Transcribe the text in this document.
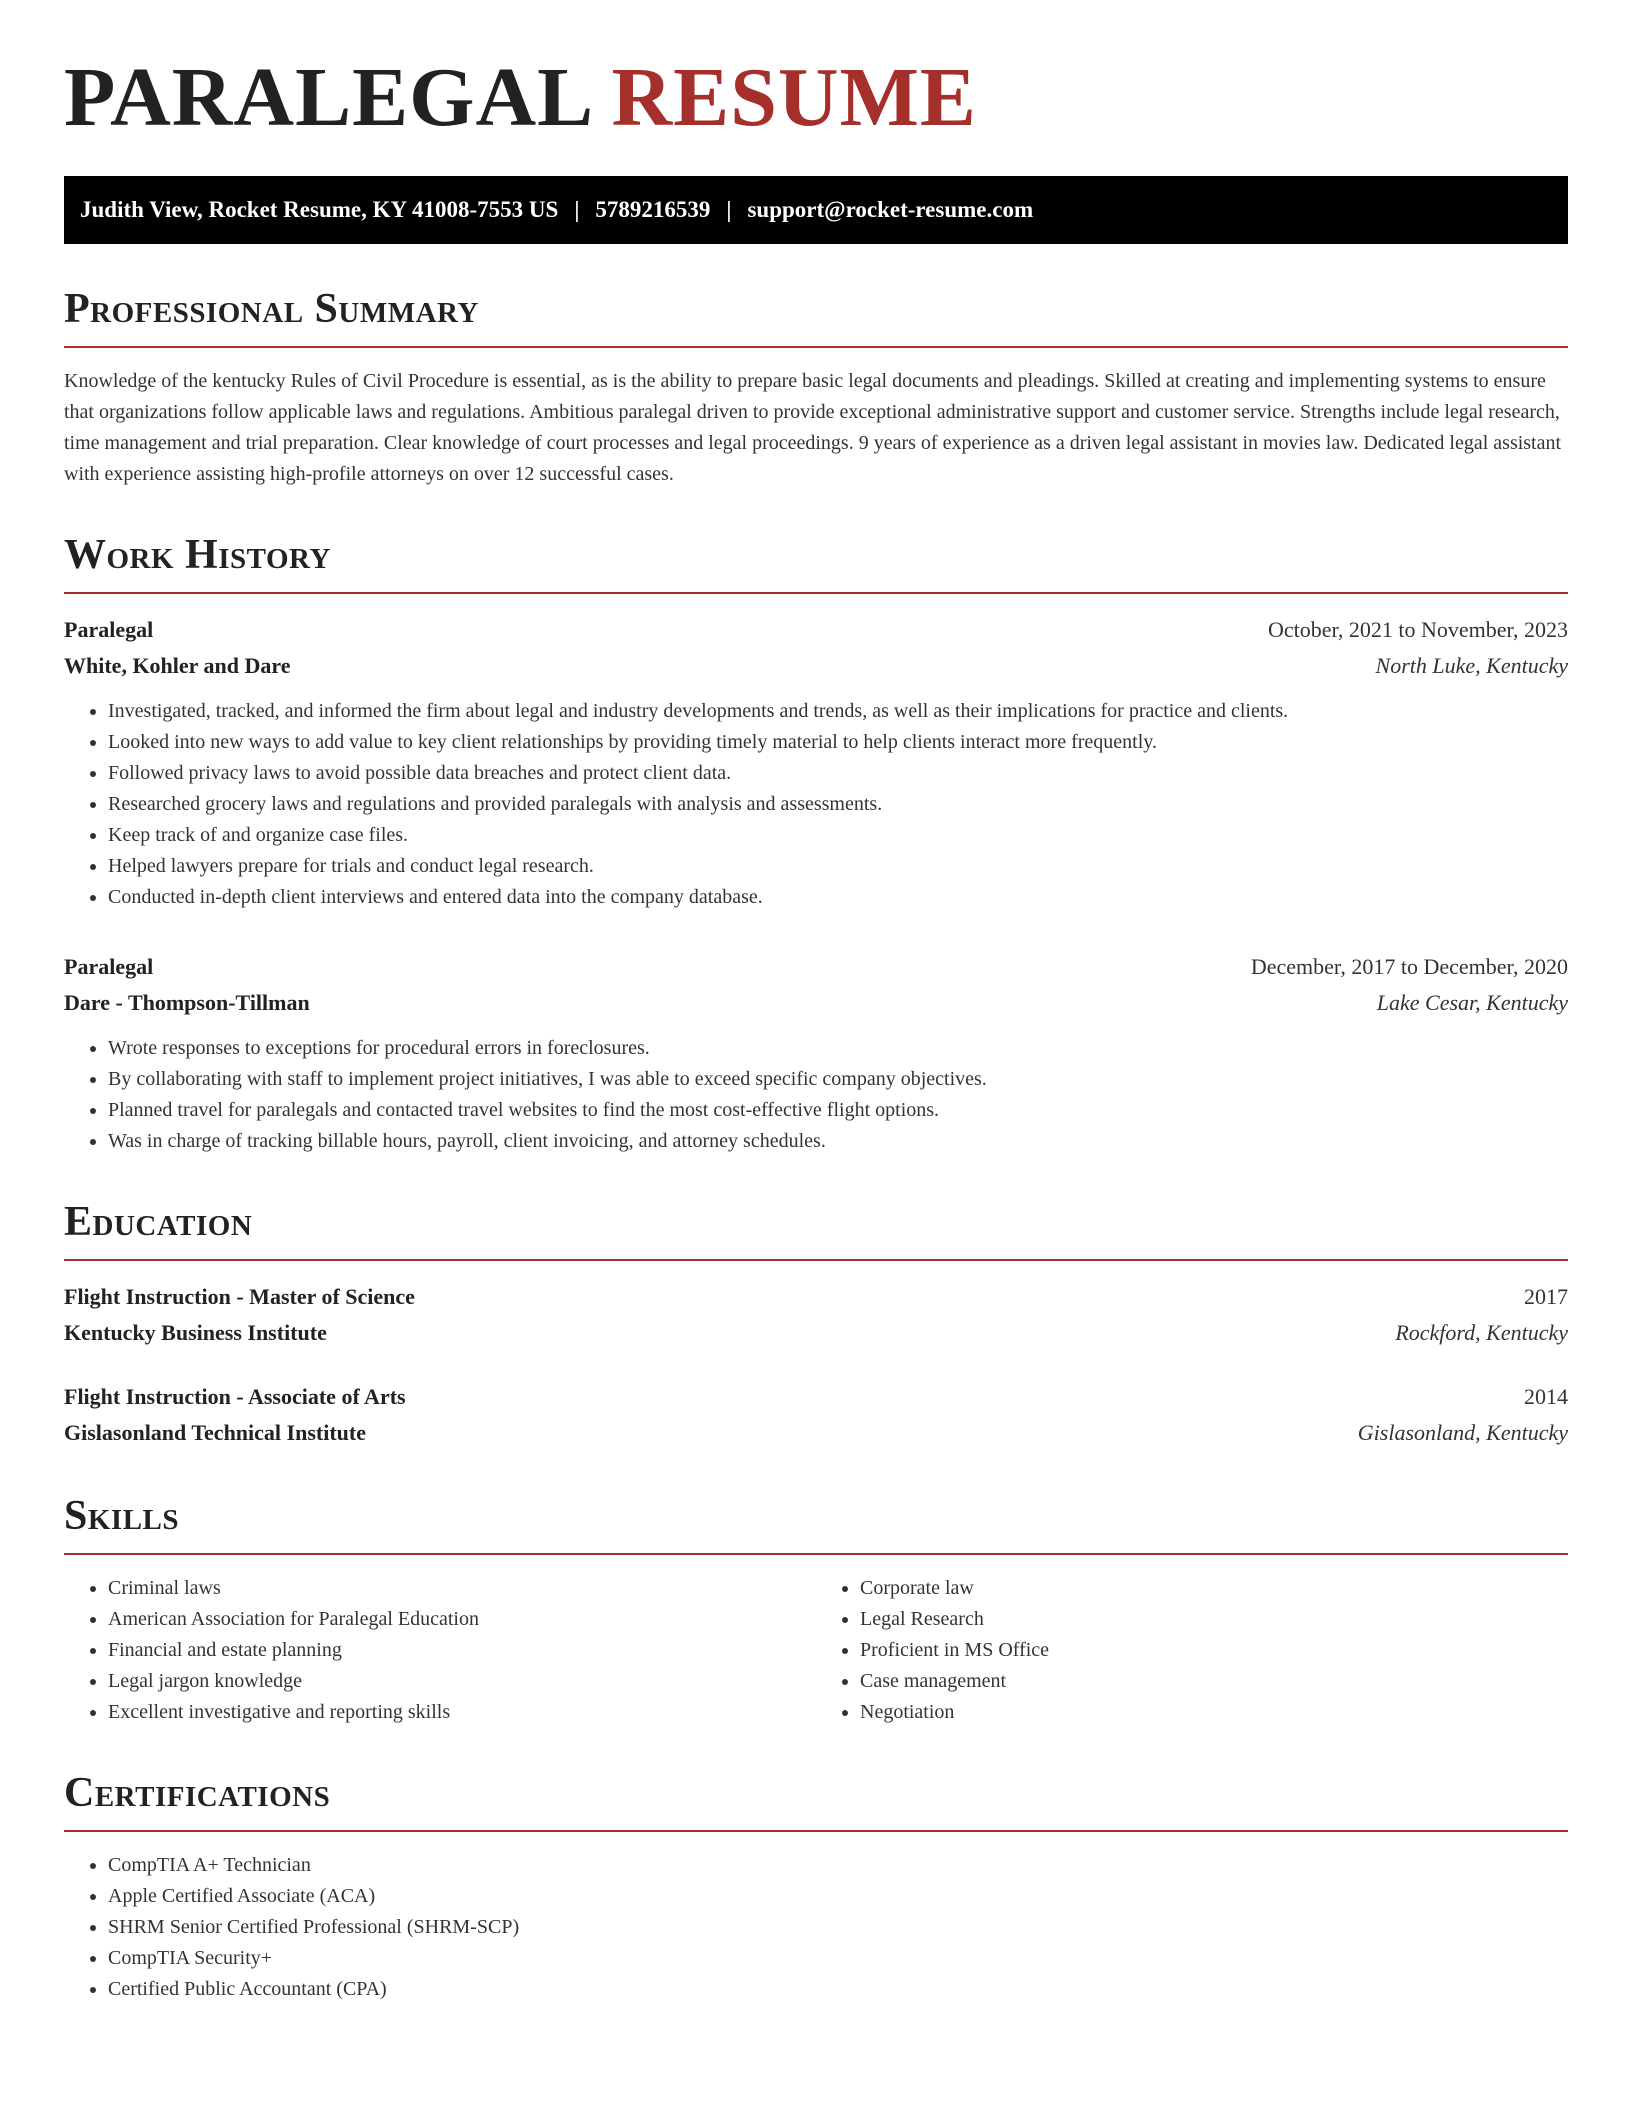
PARALEGAL RESUME
Judith View, Rocket Resume, KY 41008-7553 US | 5789216539 | support@rocket-resume.com
Professional Summary

Knowledge of the kentucky Rules of Civil Procedure is essential, as is the ability to prepare basic legal documents and pleadings. Skilled at creating and implementing systems to ensure that organizations follow applicable laws and regulations. Ambitious paralegal driven to provide exceptional administrative support and customer service. Strengths include legal research, time management and trial preparation. Clear knowledge of court processes and legal proceedings. 9 years of experience as a driven legal assistant in movies law. Dedicated legal assistant with experience assisting high-profile attorneys on over 12 successful cases.

Work History
Paralegal	October, 2021 to November, 2023
White, Kohler and Dare	North Luke, Kentucky
• Investigated, tracked, and informed the firm about legal and industry developments and trends, as well as their implications for practice and clients.
• Looked into new ways to add value to key client relationships by providing timely material to help clients interact more frequently.
• Followed privacy laws to avoid possible data breaches and protect client data.
• Researched grocery laws and regulations and provided paralegals with analysis and assessments.
• Keep track of and organize case files.
• Helped lawyers prepare for trials and conduct legal research.
• Conducted in-depth client interviews and entered data into the company database.
Paralegal	December, 2017 to December, 2020
Dare - Thompson-Tillman	Lake Cesar, Kentucky
• Wrote responses to exceptions for procedural errors in foreclosures.
• By collaborating with staff to implement project initiatives, I was able to exceed specific company objectives.
• Planned travel for paralegals and contacted travel websites to find the most cost-effective flight options.
• Was in charge of tracking billable hours, payroll, client invoicing, and attorney schedules.
Education
Flight Instruction - Master of Science	2017
Kentucky Business Institute	Rockford, Kentucky
Flight Instruction - Associate of Arts	2014
Gislasonland Technical Institute	Gislasonland, Kentucky
Skills
• Criminal laws
• American Association for Paralegal Education
• Financial and estate planning
• Legal jargon knowledge
• Excellent investigative and reporting skills
• Corporate law
• Legal Research
• Proficient in MS Office
• Case management
• Negotiation
Certifications
• CompTIA A+ Technician
• Apple Certified Associate (ACA)
• SHRM Senior Certified Professional (SHRM-SCP)
• CompTIA Security+
• Certified Public Accountant (CPA)
